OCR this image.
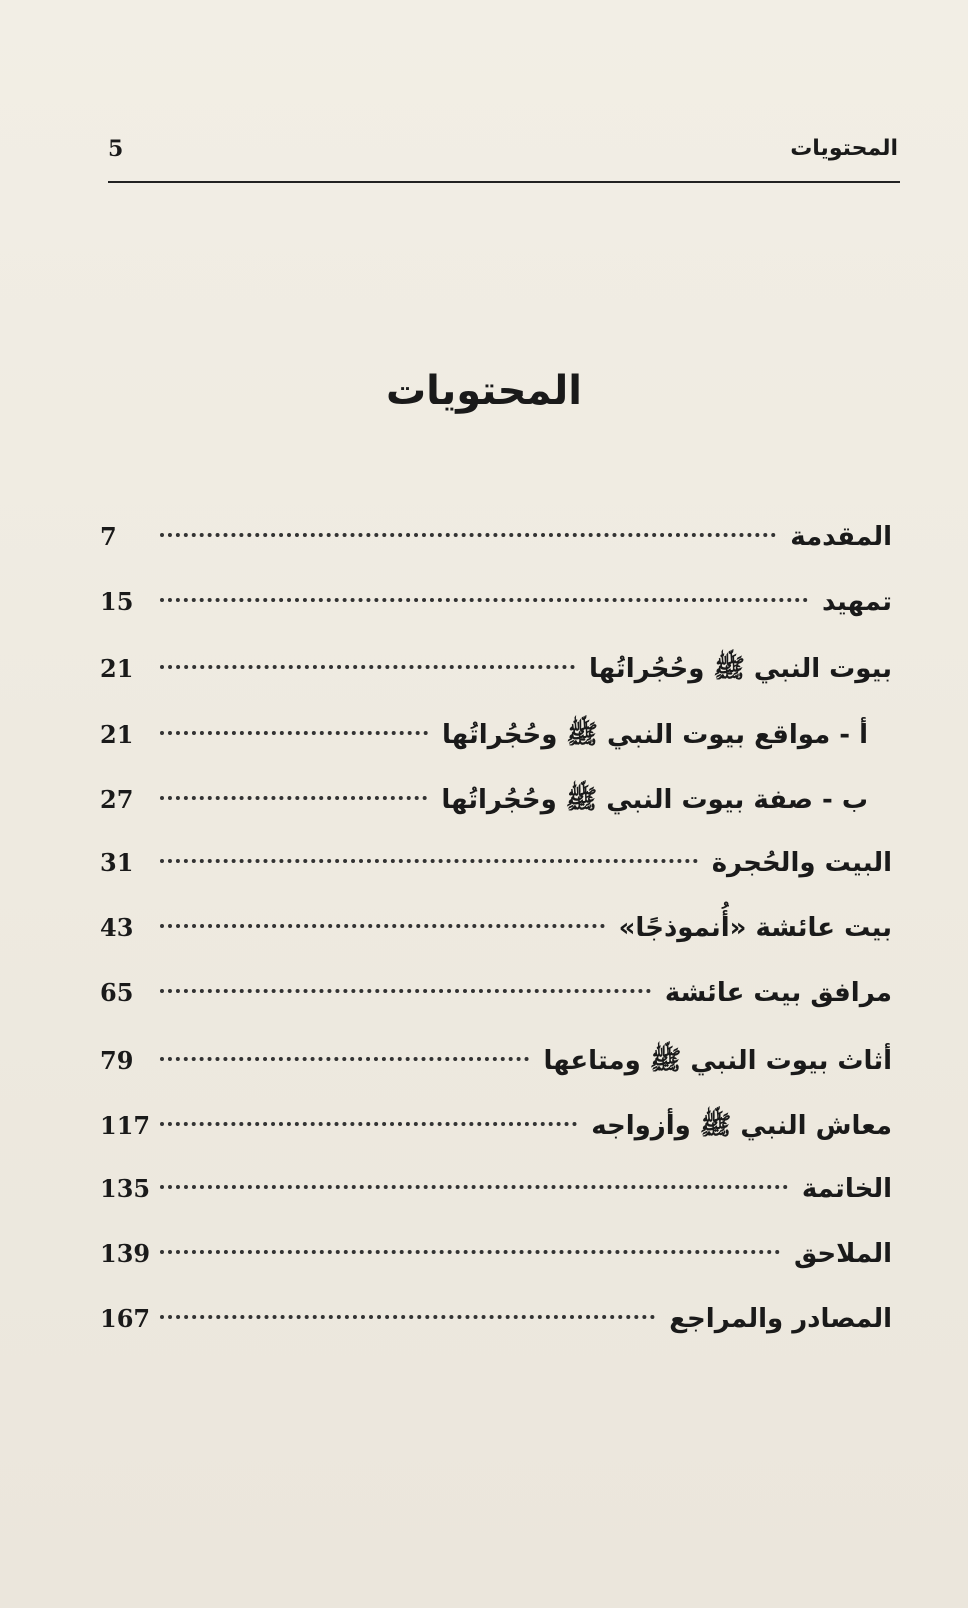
المحتويات
5
المحتويات
المقدمة
7
تمهيد
15
بيوت النبي ﷺ وحُجُراتُها
21
أ - مواقع بيوت النبي ﷺ وحُجُراتُها
21
ب - صفة بيوت النبي ﷺ وحُجُراتُها
27
البيت والحُجرة
31
بيت عائشة «أُنموذجًا»
43
مرافق بيت عائشة
65
أثاث بيوت النبي ﷺ ومتاعها
79
معاش النبي ﷺ وأزواجه
117
الخاتمة
135
الملاحق
139
المصادر والمراجع
167
